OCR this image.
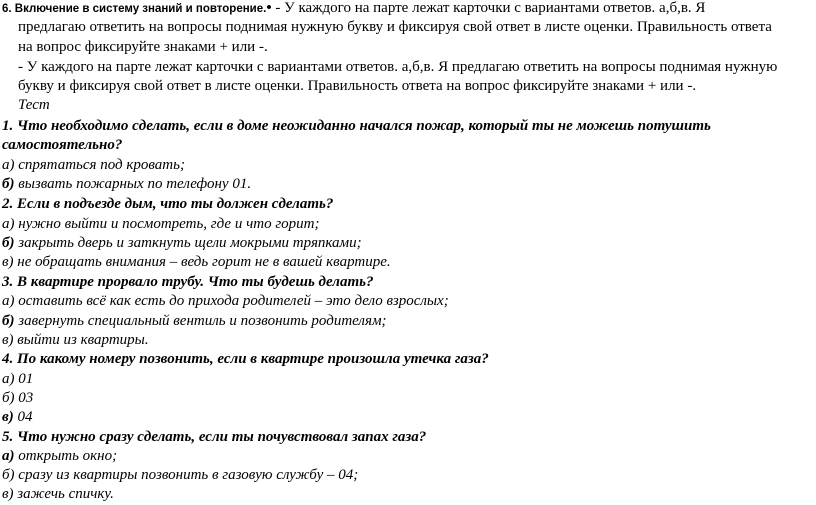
6. Включение в систему знаний и повторение.• - У каждого на парте лежат карточки с вариантами ответов. а,б,в. Я
предлагаю ответить на вопросы поднимая нужную букву и фиксируя свой ответ в листе оценки. Правильность ответа
на вопрос фиксируйте знаками + или -.
- У каждого на парте лежат карточки с вариантами ответов. а,б,в. Я предлагаю ответить на вопросы поднимая нужную
букву и фиксируя свой ответ в листе оценки. Правильность ответа на вопрос фиксируйте знаками + или -.
Тест
1. Что необходимо сделать, если в доме неожиданно начался пожар, который ты не можешь потушить
самостоятельно?
а) спрятаться под кровать;
б) вызвать пожарных по телефону 01.
2. Если в подъезде дым, что ты должен сделать?
а) нужно выйти и посмотреть, где и что горит;
б) закрыть дверь и заткнуть щели мокрыми тряпками;
в) не обращать внимания – ведь горит не в вашей квартире.
3. В квартире прорвало трубу. Что ты будешь делать?
а) оставить всё как есть до прихода родителей – это дело взрослых;
б) завернуть специальный вентиль и позвонить родителям;
в) выйти из квартиры.
4. По какому номеру позвонить, если в квартире произошла утечка газа?
а) 01
б) 03
в) 04
5. Что нужно сразу сделать, если ты почувствовал запах газа?
а) открыть окно;
б) сразу из квартиры позвонить в газовую службу – 04;
в) зажечь спичку.
